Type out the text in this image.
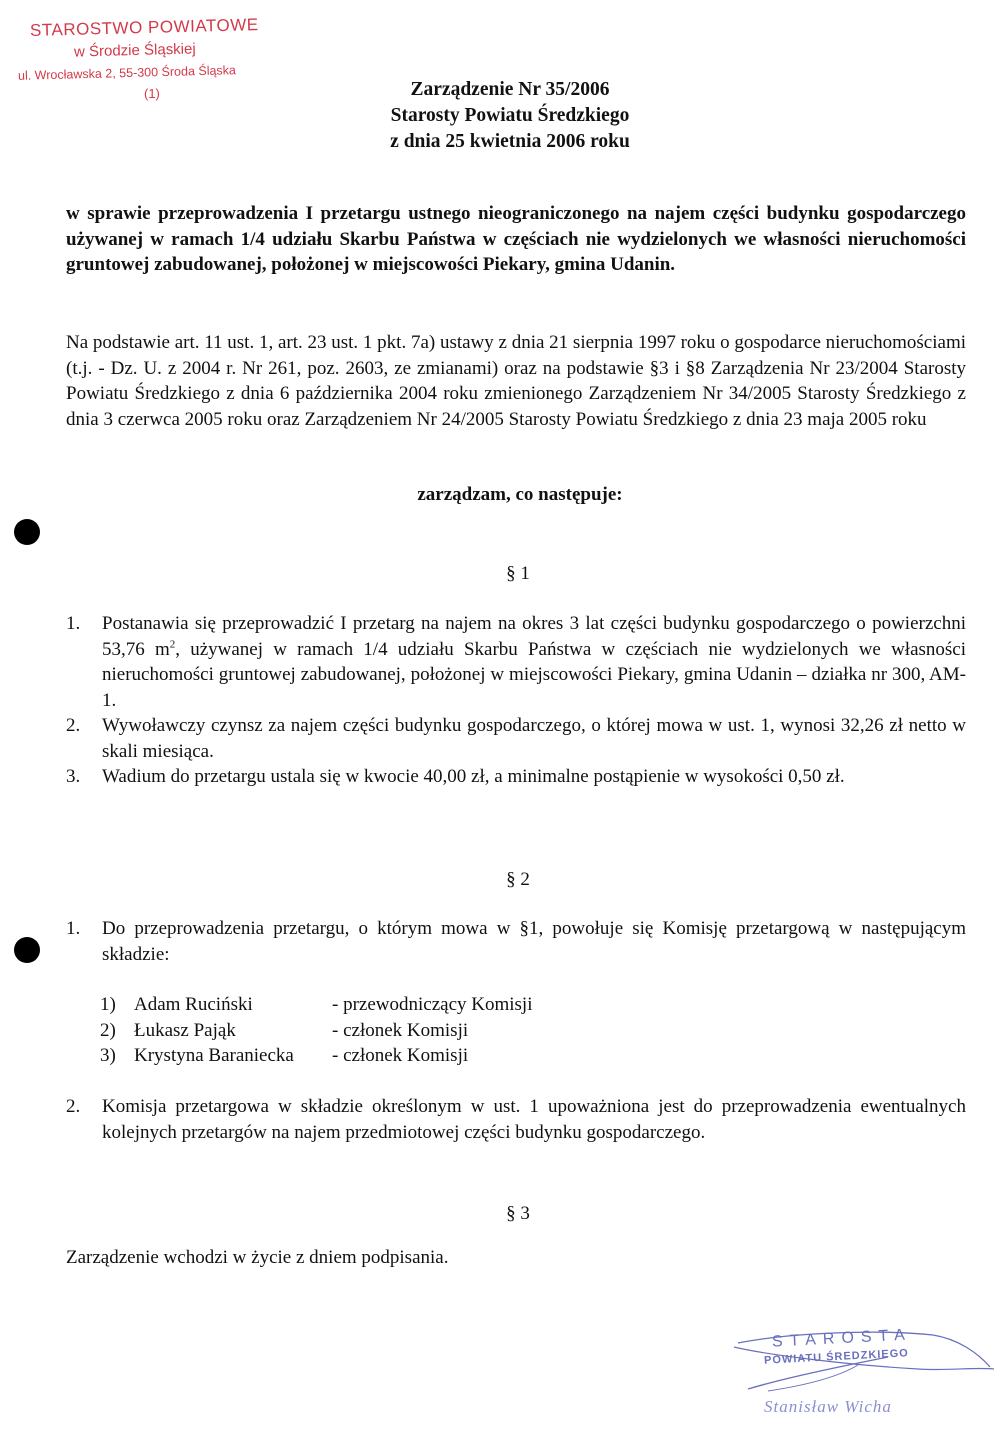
STAROSTWO POWIATOWE
w Środzie Śląskiej
ul. Wrocławska 2, 55-300 Środa Śląska
(1)	Zarządzenie Nr 35/2006
Starosty Powiatu Średzkiego
z dnia 25 kwietnia 2006 roku
w sprawie przeprowadzenia I przetargu ustnego nieograniczonego na najem części budynku gospodarczego używanej w ramach 1/4 udziału Skarbu Państwa w częściach nie wydzielonych we własności nieruchomości gruntowej zabudowanej, położonej w miejscowości Piekary, gmina Udanin.
Na podstawie art. 11 ust. 1, art. 23 ust. 1 pkt. 7a) ustawy z dnia 21 sierpnia 1997 roku o gospodarce nieruchomościami (t.j. - Dz. U. z 2004 r. Nr 261, poz. 2603, ze zmianami) oraz na podstawie §3 i §8 Zarządzenia Nr 23/2004 Starosty Powiatu Średzkiego z dnia 6 października 2004 roku zmienionego Zarządzeniem Nr 34/2005 Starosty Średzkiego z dnia 3 czerwca 2005 roku oraz Zarządzeniem Nr 24/2005 Starosty Powiatu Średzkiego z dnia 23 maja 2005 roku
zarządzam, co następuje:
§ 1
1. Postanawia się przeprowadzić I przetarg na najem na okres 3 lat części budynku gospodarczego o powierzchni 53,76 $m^2$, używanej w ramach 1/4 udziału Skarbu Państwa w częściach nie wydzielonych we własności nieruchomości gruntowej zabudowanej, położonej w miejscowości Piekary, gmina Udanin – działka nr 300, AM-1.
2. Wywoławczy czynsz za najem części budynku gospodarczego, o której mowa w ust. 1, wynosi 32,26 zł netto w skali miesiąca.
3. Wadium do przetargu ustala się w kwocie 40,00 zł, a minimalne postąpienie w wysokości 0,50 zł.
§ 2
1. Do przeprowadzenia przetargu, o którym mowa w §1, powołuje się Komisję przetargową w następującym składzie:
1) Adam Ruciński	- przewodniczący Komisji
2) Łukasz Pająk	- członek Komisji
3) Krystyna Baraniecka	- członek Komisji
2. Komisja przetargowa w składzie określonym w ust. 1 upoważniona jest do przeprowadzenia ewentualnych kolejnych przetargów na najem przedmiotowej części budynku gospodarczego.
§ 3
Zarządzenie wchodzi w życie z dniem podpisania.
STAROSTA
POWIATU ŚREDZKIEGO
Stanisław Wicha
